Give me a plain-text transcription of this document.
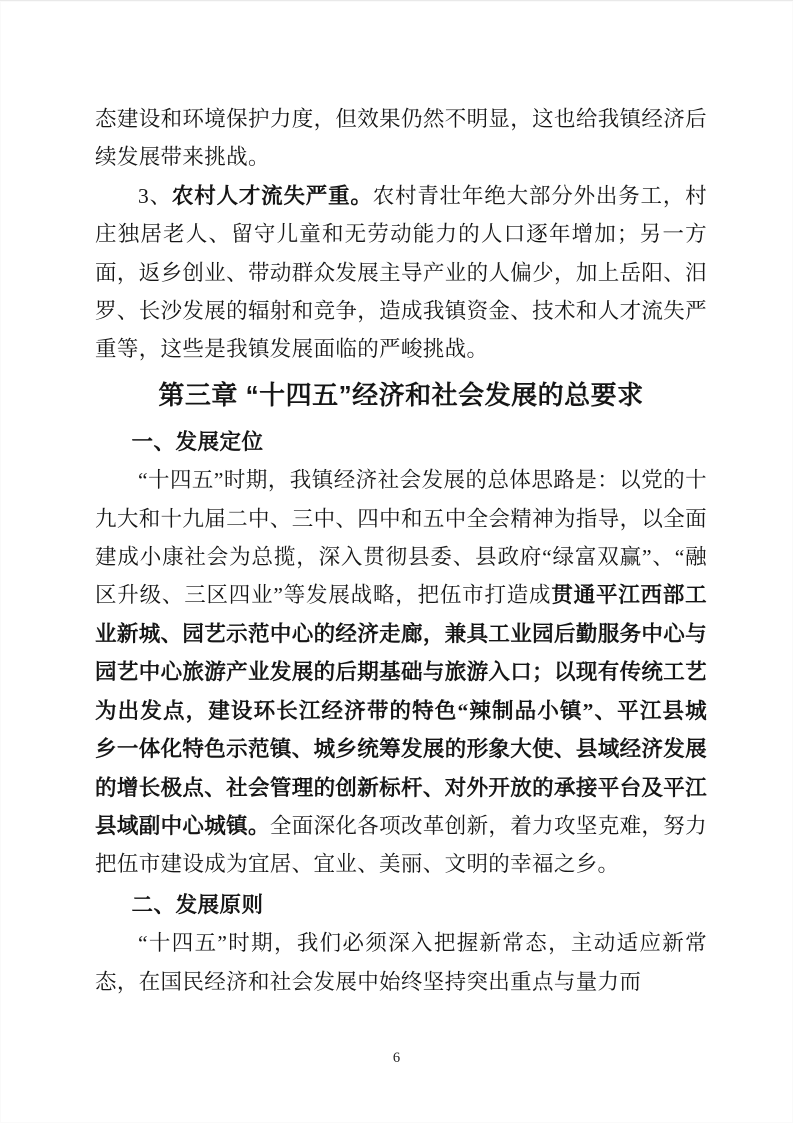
态建设和环境保护力度，但效果仍然不明显，这也给我镇经济后续发展带来挑战。

3、农村人才流失严重。农村青壮年绝大部分外出务工，村庄独居老人、留守儿童和无劳动能力的人口逐年增加；另一方面，返乡创业、带动群众发展主导产业的人偏少，加上岳阳、汨罗、长沙发展的辐射和竞争，造成我镇资金、技术和人才流失严重等，这些是我镇发展面临的严峻挑战。

第三章 “十四五”经济和社会发展的总要求
一、发展定位

“十四五”时期，我镇经济社会发展的总体思路是：以党的十九大和十九届二中、三中、四中和五中全会精神为指导，以全面建成小康社会为总揽，深入贯彻县委、县政府“绿富双赢”、“融区升级、三区四业”等发展战略，把伍市打造成贯通平江西部工业新城、园艺示范中心的经济走廊，兼具工业园后勤服务中心与园艺中心旅游产业发展的后期基础与旅游入口；以现有传统工艺为出发点，建设环长江经济带的特色“辣制品小镇”、平江县城乡一体化特色示范镇、城乡统筹发展的形象大使、县域经济发展的增长极点、社会管理的创新标杆、对外开放的承接平台及平江县域副中心城镇。全面深化各项改革创新，着力攻坚克难，努力把伍市建设成为宜居、宜业、美丽、文明的幸福之乡。

二、发展原则

“十四五”时期，我们必须深入把握新常态，主动适应新常态，在国民经济和社会发展中始终坚持突出重点与量力而

6
